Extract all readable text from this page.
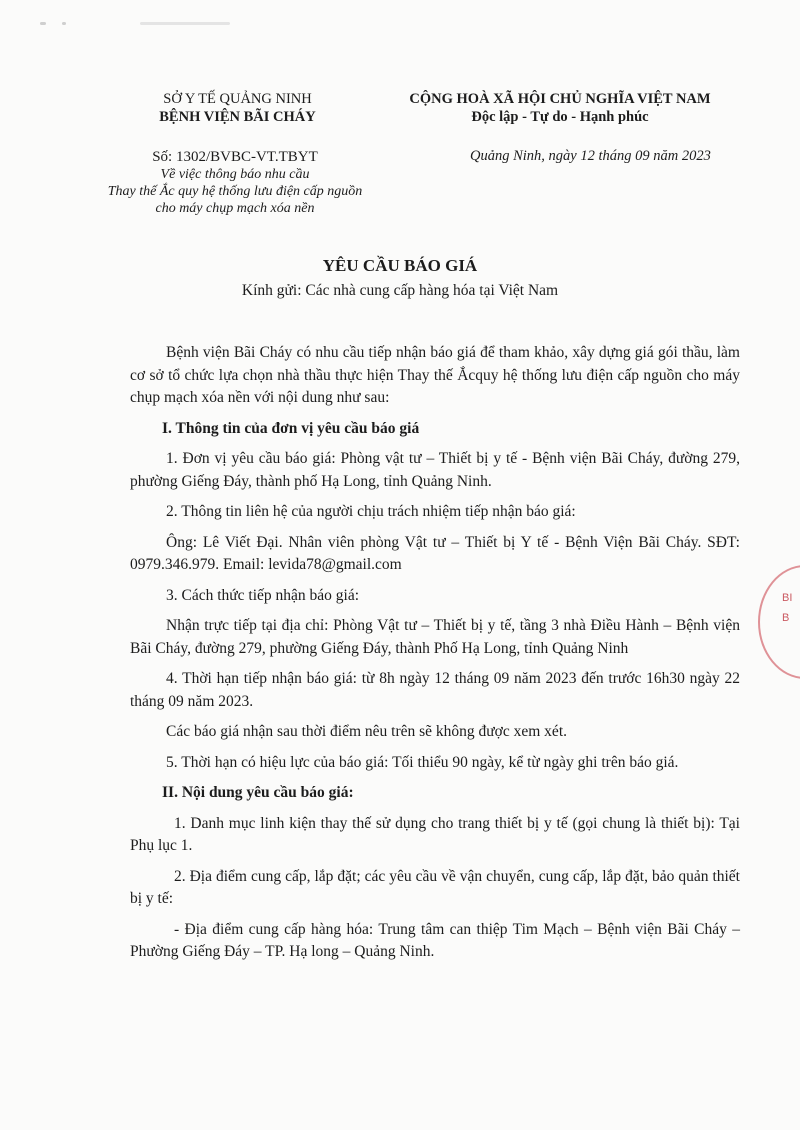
SỞ Y TẾ QUẢNG NINH
BỆNH VIỆN BÃI CHÁY
CỘNG HOÀ XÃ HỘI CHỦ NGHĨA VIỆT NAM
Độc lập - Tự do - Hạnh phúc
Số: 1302/BVBC-VT.TBYT
Về việc thông báo nhu cầu
Thay thế Ắc quy hệ thống lưu điện cấp nguồn
cho máy chụp mạch xóa nền
Quảng Ninh, ngày 12 tháng 09 năm 2023
YÊU CẦU BÁO GIÁ
Kính gửi: Các nhà cung cấp hàng hóa tại Việt Nam

Bệnh viện Bãi Cháy có nhu cầu tiếp nhận báo giá để tham khảo, xây dựng giá gói thầu, làm cơ sở tổ chức lựa chọn nhà thầu thực hiện Thay thế Ắcquy hệ thống lưu điện cấp nguồn cho máy chụp mạch xóa nền với nội dung như sau:

I. Thông tin của đơn vị yêu cầu báo giá

1. Đơn vị yêu cầu báo giá: Phòng vật tư – Thiết bị y tế - Bệnh viện Bãi Cháy, đường 279, phường Giếng Đáy, thành phố Hạ Long, tỉnh Quảng Ninh.

2. Thông tin liên hệ của người chịu trách nhiệm tiếp nhận báo giá:

Ông: Lê Viết Đại. Nhân viên phòng Vật tư – Thiết bị Y tế - Bệnh Viện Bãi Cháy. SĐT: 0979.346.979. Email: levida78@gmail.com

3. Cách thức tiếp nhận báo giá:

Nhận trực tiếp tại địa chỉ: Phòng Vật tư – Thiết bị y tế, tầng 3 nhà Điều Hành – Bệnh viện Bãi Cháy, đường 279, phường Giếng Đáy, thành Phố Hạ Long, tỉnh Quảng Ninh

4. Thời hạn tiếp nhận báo giá: từ 8h ngày 12 tháng 09 năm 2023 đến trước 16h30 ngày 22 tháng 09 năm 2023.

Các báo giá nhận sau thời điểm nêu trên sẽ không được xem xét.

5. Thời hạn có hiệu lực của báo giá: Tối thiểu 90 ngày, kể từ ngày ghi trên báo giá.

II. Nội dung yêu cầu báo giá:

1. Danh mục linh kiện thay thế sử dụng cho trang thiết bị y tế (gọi chung là thiết bị): Tại Phụ lục 1.

2. Địa điểm cung cấp, lắp đặt; các yêu cầu về vận chuyển, cung cấp, lắp đặt, bảo quản thiết bị y tế:

- Địa điểm cung cấp hàng hóa: Trung tâm can thiệp Tim Mạch – Bệnh viện Bãi Cháy – Phường Giếng Đáy – TP. Hạ long – Quảng Ninh.

BI
B
